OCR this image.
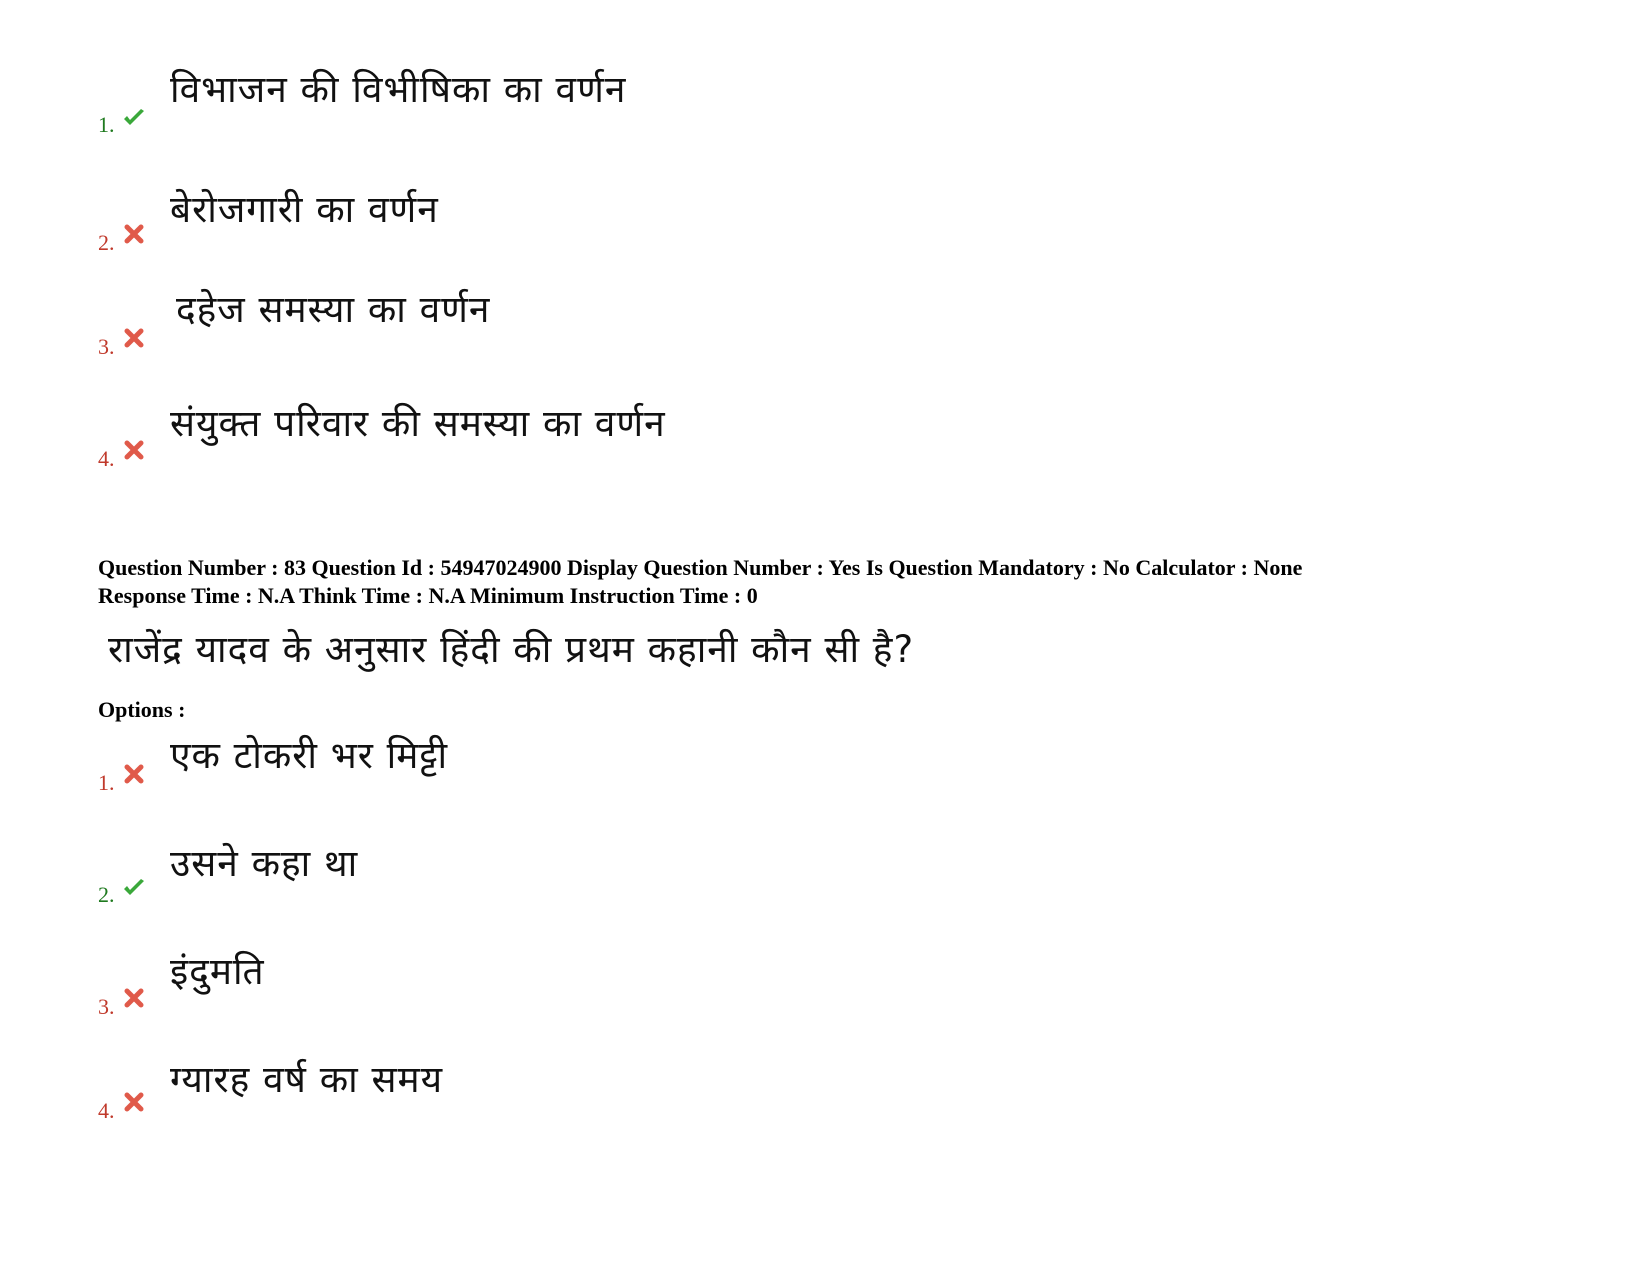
1.
विभाजन की विभीषिका का वर्णन
2.
बेरोजगारी का वर्णन
3.
दहेज समस्या का वर्णन
4.
संयुक्त परिवार की समस्या का वर्णन
Question Number : 83 Question Id : 54947024900 Display Question Number : Yes Is Question Mandatory : No Calculator : None
Response Time : N.A Think Time : N.A Minimum Instruction Time : 0
राजेंद्र यादव के अनुसार हिंदी की प्रथम कहानी कौन सी है?
Options :
1.
एक टोकरी भर मिट्टी
2.
उसने कहा था
3.
इंदुमति
4.
ग्यारह वर्ष का समय
